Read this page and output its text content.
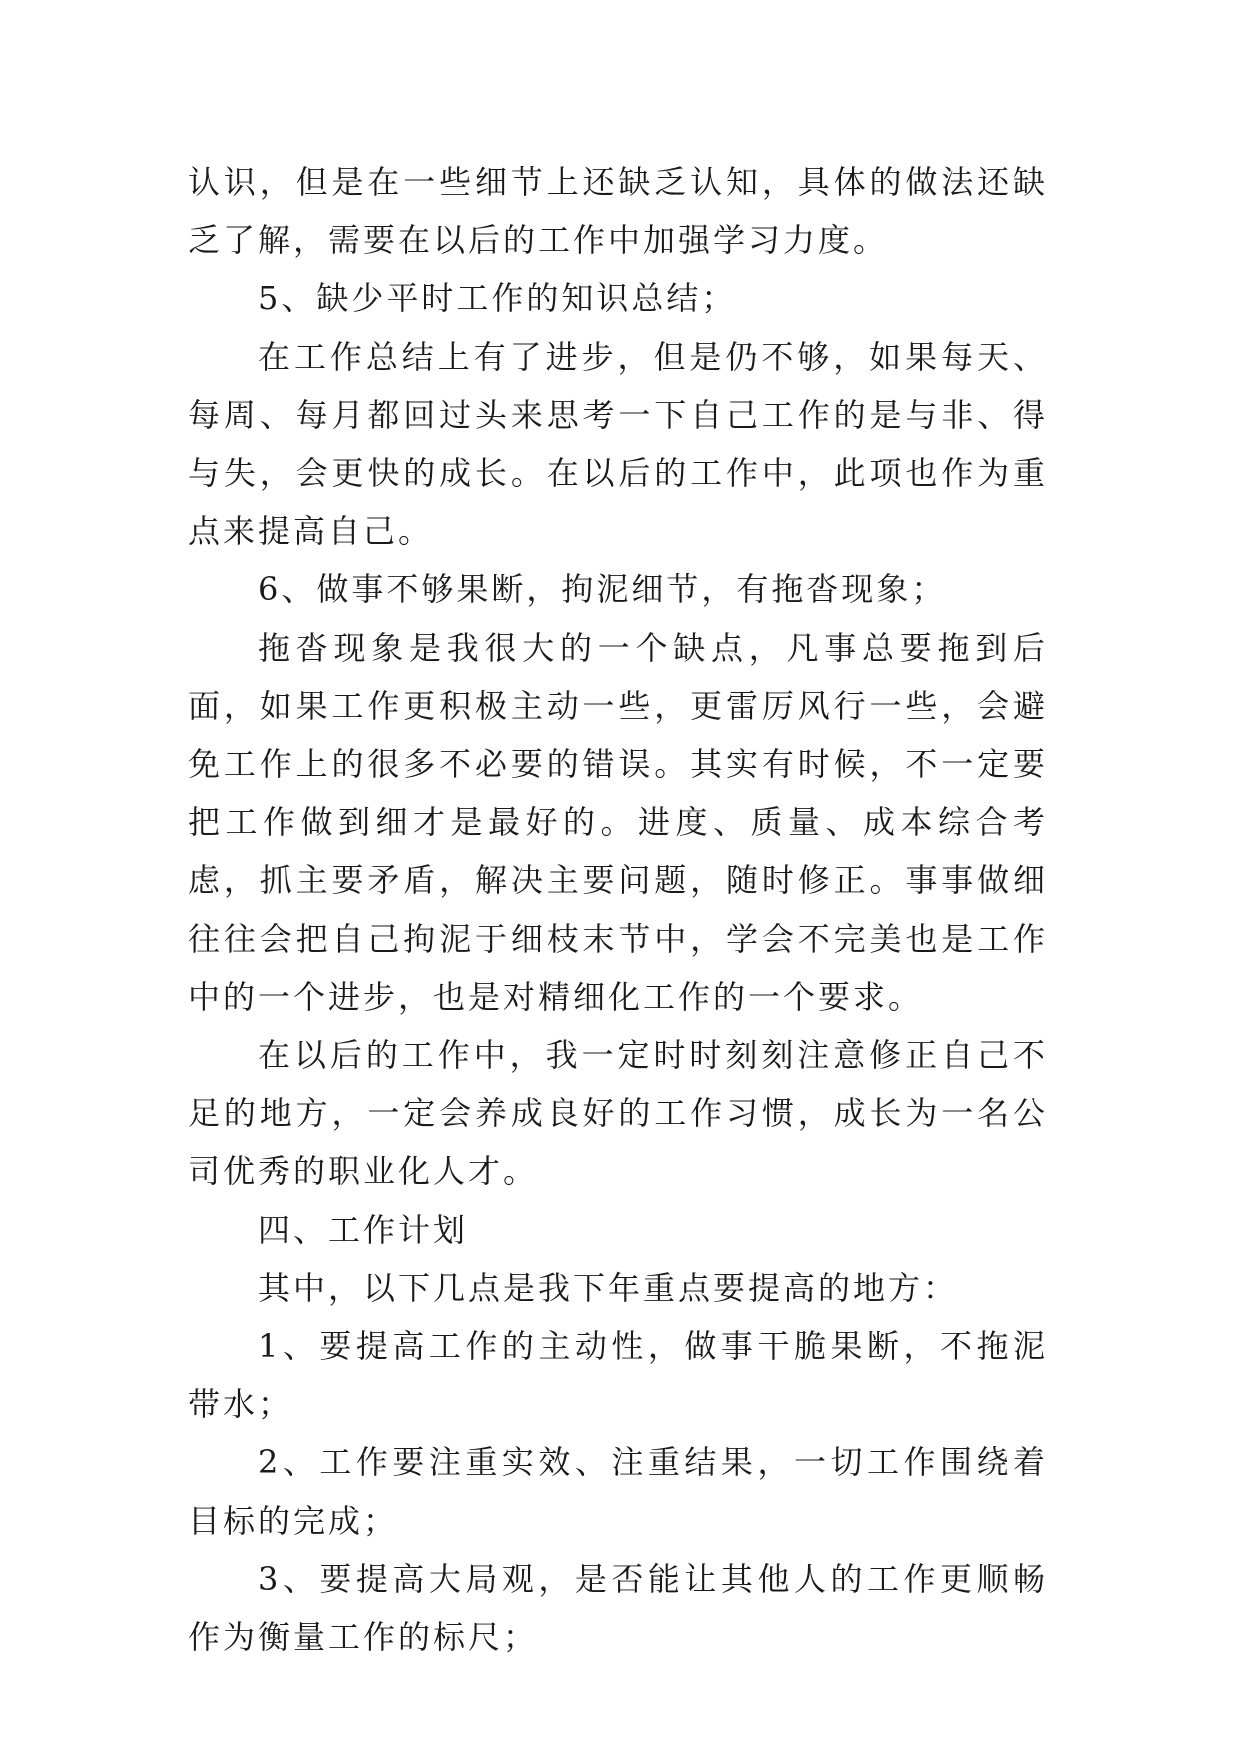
认识，但是在一些细节上还缺乏认知，具体的做法还缺乏了解，需要在以后的工作中加强学习力度。

5、缺少平时工作的知识总结；

在工作总结上有了进步，但是仍不够，如果每天、每周、每月都回过头来思考一下自己工作的是与非、得与失，会更快的成长。在以后的工作中，此项也作为重点来提高自己。

6、做事不够果断，拘泥细节，有拖沓现象；

拖沓现象是我很大的一个缺点，凡事总要拖到后面，如果工作更积极主动一些，更雷厉风行一些，会避免工作上的很多不必要的错误。其实有时候，不一定要把工作做到细才是最好的。进度、质量、成本综合考虑，抓主要矛盾，解决主要问题，随时修正。事事做细往往会把自己拘泥于细枝末节中，学会不完美也是工作中的一个进步，也是对精细化工作的一个要求。

在以后的工作中，我一定时时刻刻注意修正自己不足的地方，一定会养成良好的工作习惯，成长为一名公司优秀的职业化人才。

四、工作计划

其中，以下几点是我下年重点要提高的地方：

1、要提高工作的主动性，做事干脆果断，不拖泥带水；

2、工作要注重实效、注重结果，一切工作围绕着目标的完成；

3、要提高大局观，是否能让其他人的工作更顺畅作为衡量工作的标尺；
